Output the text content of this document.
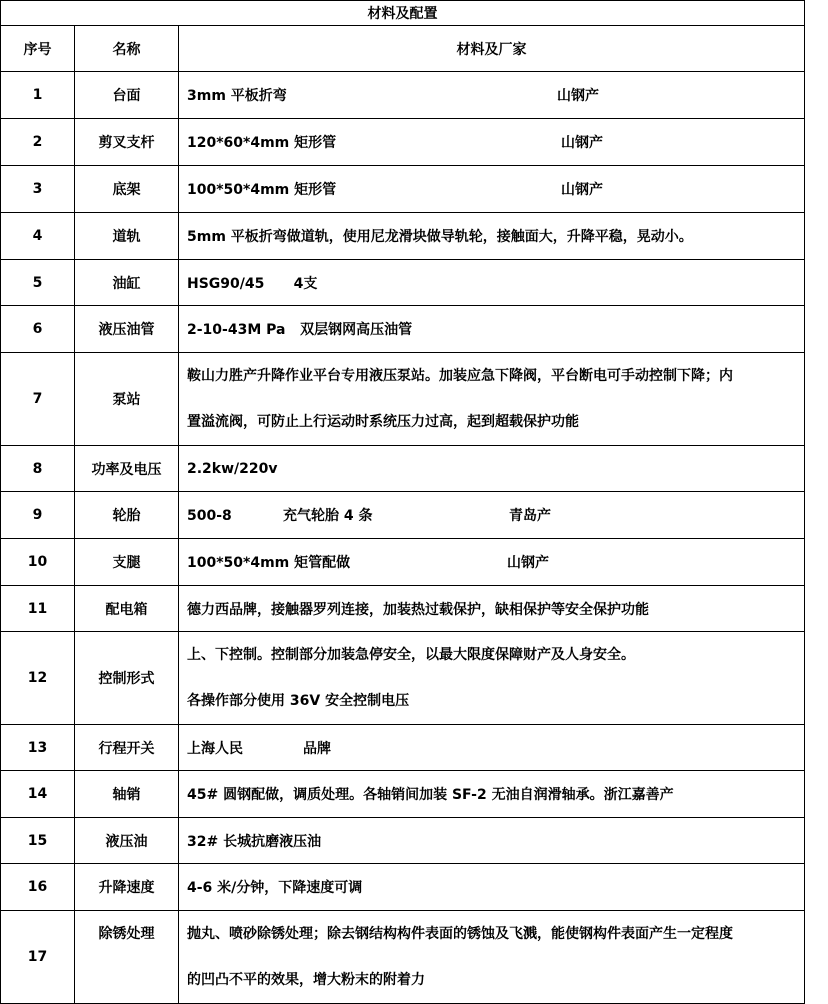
材料及配置		
序号	名称	材料及厂家
1	台面	3mm 平板折弯 山钢产
2	剪叉支杆	120*60*4mm 矩形管 山钢产
3	底架	100*50*4mm 矩形管 山钢产
4	道轨	5mm 平板折弯做道轨，使用尼龙滑块做导轨轮，接触面大，升降平稳，晃动小。
5	油缸	HSG90/45      4支
6	液压油管	2-10-43M Pa   双层钢网高压油管
7	泵站	鞍山力胜产升降作业平台专用液压泵站。加装应急下降阀，平台断电可手动控制下降；内
置溢流阀，可防止上行运动时系统压力过高，起到超载保护功能

8	功率及电压	2.2kw/220v
9	轮胎	500-8 充气轮胎 4 条 青岛产
10	支腿	100*50*4mm 矩管配做 山钢产
11	配电箱	德力西品牌，接触器罗列连接，加装热过载保护，缺相保护等安全保护功能
12	控制形式	上、下控制。控制部分加装急停安全，以最大限度保障财产及人身安全。
各操作部分使用 36V 安全控制电压

13	行程开关	上海人民 品牌
14	轴销	45# 圆钢配做，调质处理。各轴销间加装 SF-2 无油自润滑轴承。浙江嘉善产
15	液压油	32# 长城抗磨液压油
16	升降速度	4-6 米/分钟，下降速度可调
17	除锈处理	抛丸、喷砂除锈处理；除去钢结构构件表面的锈蚀及飞溅，能使钢构件表面产生一定程度
的凹凸不平的效果，增大粉末的附着力
